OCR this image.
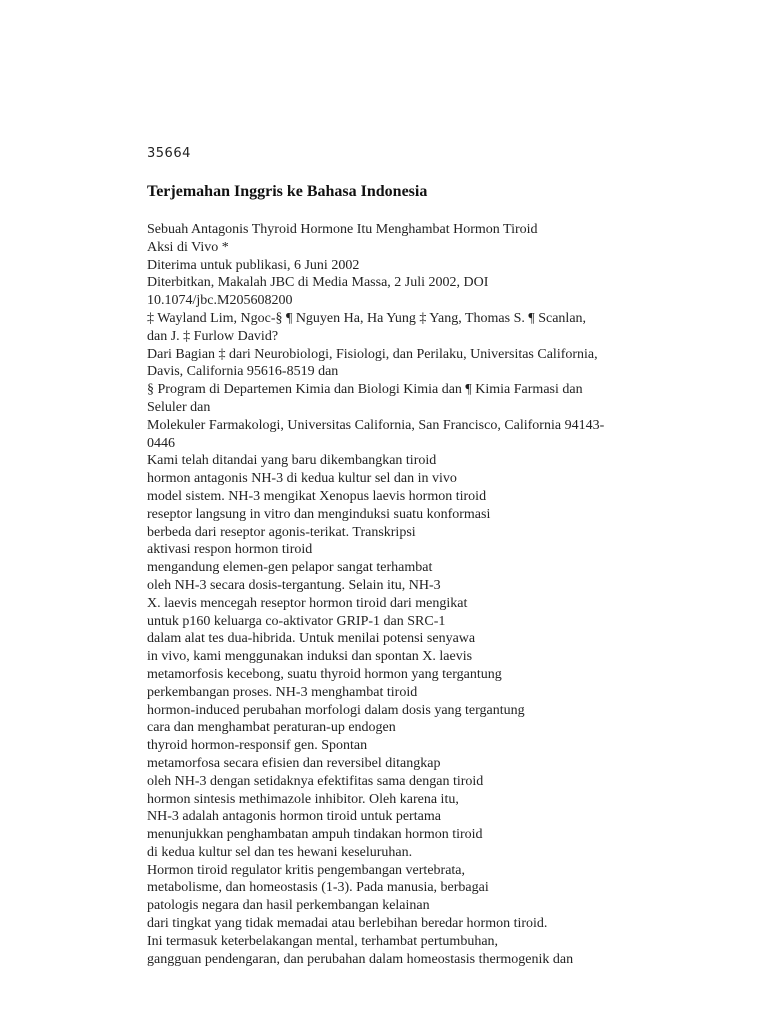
35664

Terjemahan Inggris ke Bahasa Indonesia
Sebuah Antagonis Thyroid Hormone Itu Menghambat Hormon Tiroid
Aksi di Vivo *
Diterima untuk publikasi, 6 Juni 2002
Diterbitkan, Makalah JBC di Media Massa, 2 Juli 2002, DOI
10.1074/jbc.M205608200
‡ Wayland Lim, Ngoc-§ ¶ Nguyen Ha, Ha Yung ‡ Yang, Thomas S. ¶ Scanlan,
dan J. ‡ Furlow David?
Dari Bagian ‡ dari Neurobiologi, Fisiologi, dan Perilaku, Universitas California,
Davis, California 95616-8519 dan
§ Program di Departemen Kimia dan Biologi Kimia dan ¶ Kimia Farmasi dan
Seluler dan
Molekuler Farmakologi, Universitas California, San Francisco, California 94143-
0446
Kami telah ditandai yang baru dikembangkan tiroid
hormon antagonis NH-3 di kedua kultur sel dan in vivo
model sistem. NH-3 mengikat Xenopus laevis hormon tiroid
reseptor langsung in vitro dan menginduksi suatu konformasi
berbeda dari reseptor agonis-terikat. Transkripsi
aktivasi respon hormon tiroid
mengandung elemen-gen pelapor sangat terhambat
oleh NH-3 secara dosis-tergantung. Selain itu, NH-3
X. laevis mencegah reseptor hormon tiroid dari mengikat
untuk p160 keluarga co-aktivator GRIP-1 dan SRC-1
dalam alat tes dua-hibrida. Untuk menilai potensi senyawa
in vivo, kami menggunakan induksi dan spontan X. laevis
metamorfosis kecebong, suatu thyroid hormon yang tergantung
perkembangan proses. NH-3 menghambat tiroid
hormon-induced perubahan morfologi dalam dosis yang tergantung
cara dan menghambat peraturan-up endogen
thyroid hormon-responsif gen. Spontan
metamorfosa secara efisien dan reversibel ditangkap
oleh NH-3 dengan setidaknya efektifitas sama dengan tiroid
hormon sintesis methimazole inhibitor. Oleh karena itu,
NH-3 adalah antagonis hormon tiroid untuk pertama
menunjukkan penghambatan ampuh tindakan hormon tiroid
di kedua kultur sel dan tes hewani keseluruhan.
Hormon tiroid regulator kritis pengembangan vertebrata,
metabolisme, dan homeostasis (1-3). Pada manusia, berbagai
patologis negara dan hasil perkembangan kelainan
dari tingkat yang tidak memadai atau berlebihan beredar hormon tiroid.
Ini termasuk keterbelakangan mental, terhambat pertumbuhan,
gangguan pendengaran, dan perubahan dalam homeostasis thermogenik dan
